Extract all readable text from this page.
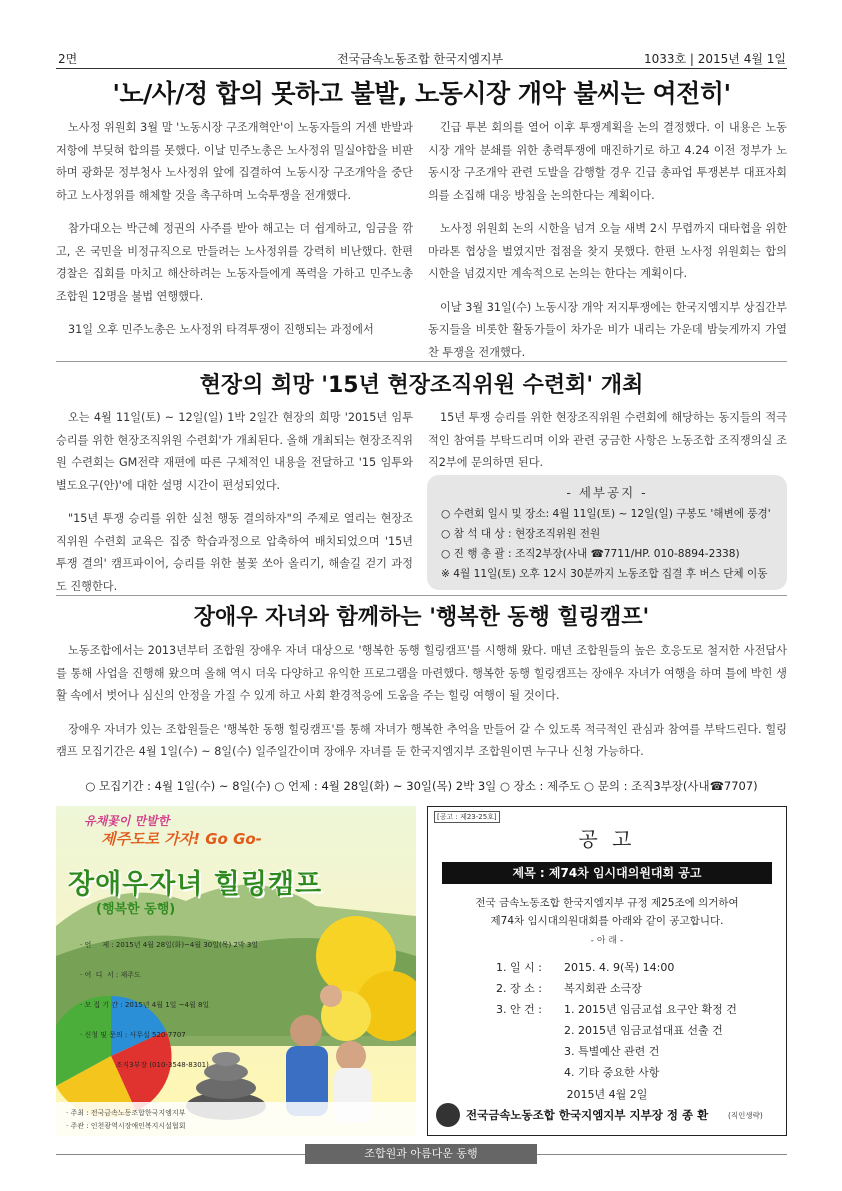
2면	전국금속노동조합 한국지엠지부	1033호 | 2015년 4월 1일
'노/사/정 합의 못하고 불발, 노동시장 개악 불씨는 여전히'

노사정 위원회 3월 말 '노동시장 구조개혁안'이 노동자들의 거센 반발과 저항에 부딪혀 합의를 못했다. 이날 민주노총은 노사정위 밀실야합을 비판하며 광화문 정부청사 노사정위 앞에 집결하여 노동시장 구조개악을 중단하고 노사정위를 해체할 것을 촉구하며 노숙투쟁을 전개했다.

참가대오는 박근혜 정권의 사주를 받아 해고는 더 쉽게하고, 임금을 깎고, 온 국민을 비정규직으로 만들려는 노사정위를 강력히 비난했다. 한편 경찰은 집회를 마치고 해산하려는 노동자들에게 폭력을 가하고 민주노총 조합원 12명을 불법 연행했다.

31일 오후 민주노총은 노사정위 타격투쟁이 진행되는 과정에서

긴급 투본 회의를 열어 이후 투쟁계획을 논의 결정했다. 이 내용은 노동시장 개악 분쇄를 위한 총력투쟁에 매진하기로 하고 4.24 이전 정부가 노동시장 구조개악 관련 도발을 감행할 경우 긴급 총파업 투쟁본부 대표자회의를 소집해 대응 방침을 논의한다는 계획이다.

노사정 위원회 논의 시한을 넘겨 오늘 새벽 2시 무렵까지 대타협을 위한 마라톤 협상을 벌였지만 접점을 찾지 못했다. 한편 노사정 위원회는 합의시한을 넘겼지만 계속적으로 논의는 한다는 계획이다.

이날 3월 31일(수) 노동시장 개악 저지투쟁에는 한국지엠지부 상집간부 동지들을 비롯한 활동가들이 차가운 비가 내리는 가운데 밤늦게까지 가열찬 투쟁을 전개했다.

현장의 희망 '15년 현장조직위원 수련회' 개최

오는 4월 11일(토) ~ 12일(일) 1박 2일간 현장의 희망 '2015년 임투 승리를 위한 현장조직위원 수련회'가 개최된다. 올해 개최되는 현장조직위원 수련회는 GM전략 재편에 따른 구체적인 내용을 전달하고 '15 임투와 별도요구(안)'에 대한 설명 시간이 편성되었다.

"15년 투쟁 승리를 위한 실천 행동 결의하자"의 주제로 열리는 현장조직위원 수련회 교육은 집중 학습과정으로 압축하여 배치되었으며 '15년 투쟁 결의' 캠프파이어, 승리를 위한 불꽃 쏘아 올리기, 해솔길 걷기 과정도 진행한다.

15년 투쟁 승리를 위한 현장조직위원 수련회에 해당하는 동지들의 적극적인 참여를 부탁드리며 이와 관련 궁금한 사항은 노동조합 조직쟁의실 조직2부에 문의하면 된다.

- 세부공지 -
○ 수련회 일시 및 장소: 4월 11일(토) ~ 12일(일) 구봉도 '해변에 풍경'
○ 참 석 대 상 : 현장조직위원 전원
○ 진 행 총 괄 : 조직2부장(사내 ☎7711/HP. 010-8894-2338)
※ 4월 11일(토) 오후 12시 30분까지 노동조합 집결 후 버스 단체 이동
장애우 자녀와 함께하는 '행복한 동행 힐링캠프'

노동조합에서는 2013년부터 조합원 장애우 자녀 대상으로 '행복한 동행 힐링캠프'를 시행해 왔다. 매년 조합원들의 높은 호응도로 철저한 사전답사를 통해 사업을 진행해 왔으며 올해 역시 더욱 다양하고 유익한 프로그램을 마련했다. 행복한 동행 힐링캠프는 장애우 자녀가 여행을 하며 틀에 박힌 생활 속에서 벗어나 심신의 안정을 가질 수 있게 하고 사회 환경적응에 도움을 주는 힐링 여행이 될 것이다.

장애우 자녀가 있는 조합원들은 '행복한 동행 힐링캠프'를 통해 자녀가 행복한 추억을 만들어 갈 수 있도록 적극적인 관심과 참여를 부탁드린다. 힐링캠프 모집기간은 4월 1일(수) ~ 8일(수) 일주일간이며 장애우 자녀를 둔 한국지엠지부 조합원이면 누구나 신청 가능하다.

○ 모집기간 : 4월 1일(수) ~ 8일(수) ○ 언제 : 4월 28일(화) ~ 30일(목) 2박 3일 ○ 장소 : 제주도 ○ 문의 : 조직3부장(사내☎7707)
유채꽃이 만발한
제주도로 가자! Go Go-
장애우자녀 힐링캠프
(행복한 동행)

· 언     제 : 2015년 4월 28일(화)~4월 30일(목) 2박 3일

· 어  디  서 : 제주도

· 모 집 기 간 : 2015년 4월 1일 ~4월 8일

· 신청 및 문의 : 사무실 520-7707

조직3부장 (010-3548-8301)

· 주최 : 전국금속노동조합한국지엠지부
· 주관 : 인천광역시장애인복지시설협회
[공고 : 제23-25호]
공 고
제목 : 제74차 임시대의원대회 공고
전국 금속노동조합 한국지엠지부 규정 제25조에 의거하여
제74차 임시대의원대회를 아래와 같이 공고합니다.
- 아 래 -
1. 일 시 : 2015. 4. 9(목) 14:00
2. 장 소 : 복지회관 소극장
3. 안 건 : 1. 2015년 임금교섭 요구안 확정 건
2. 2015년 임금교섭대표 선출 건
3. 특별예산 관련 건
4. 기타 중요한 사항
2015년 4월 2일
전국금속노동조합 한국지엠지부 지부장 정 종 환	(직인생략)
조합원과 아름다운 동행
